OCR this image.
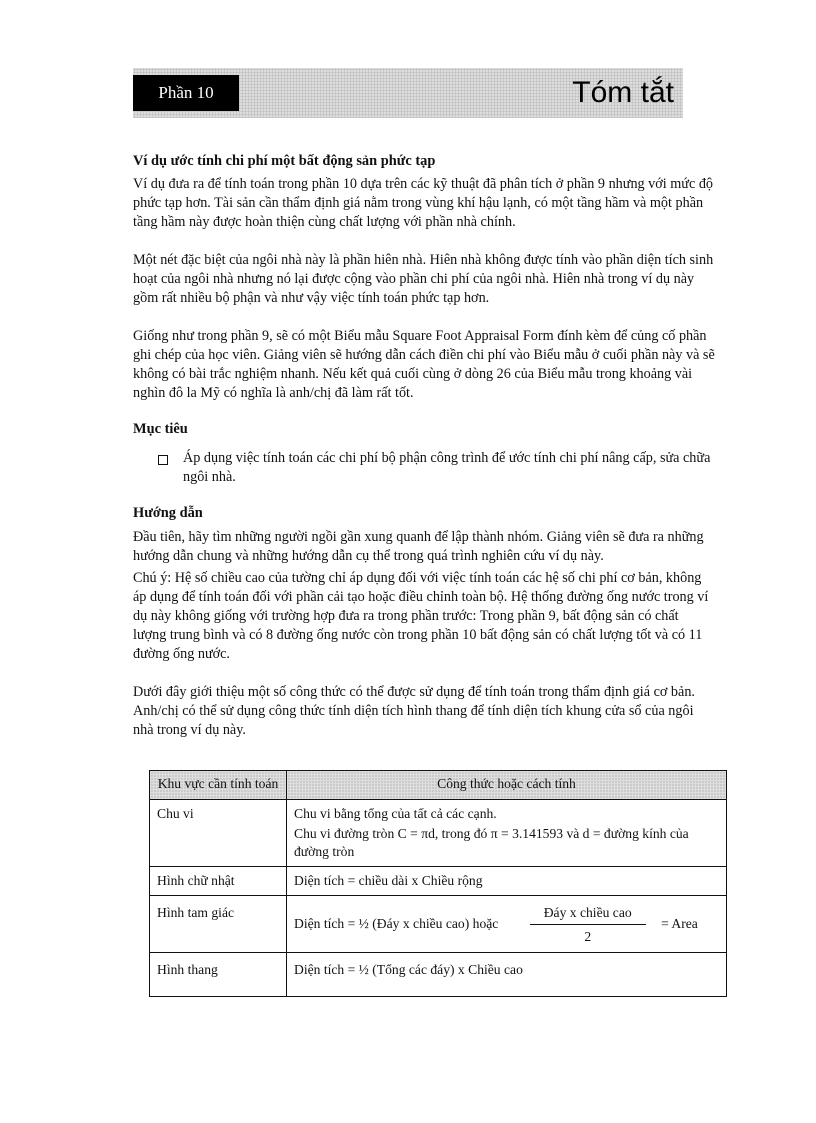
Phần 10	Tóm tắt
Ví dụ ước tính chi phí một bất động sản phức tạp

Ví dụ đưa ra để tính toán trong phần 10 dựa trên các kỹ thuật đã phân tích ở phần 9 nhưng với mức độ phức tạp hơn. Tài sản cần thẩm định giá nằm trong vùng khí hậu lạnh, có một tầng hầm và một phần tầng hầm này được hoàn thiện cùng chất lượng với phần nhà chính.

Một nét đặc biệt của ngôi nhà này là phần hiên nhà. Hiên nhà không được tính vào phần diện tích sinh hoạt của ngôi nhà nhưng nó lại được cộng vào phần chi phí của ngôi nhà. Hiên nhà trong ví dụ này gồm rất nhiều bộ phận và như vậy việc tính toán phức tạp hơn.

Giống như trong phần 9, sẽ có một Biểu mẫu Square Foot Appraisal Form đính kèm để củng cố phần ghi chép của học viên. Giảng viên sẽ hướng dẫn cách điền chi phí vào Biểu mẫu ở cuối phần này và sẽ không có bài trắc nghiệm nhanh. Nếu kết quả cuối cùng ở dòng 26 của Biểu mẫu trong khoảng vài nghìn đô la Mỹ có nghĩa là anh/chị đã làm rất tốt.

Mục tiêu
Áp dụng việc tính toán các chi phí bộ phận công trình để ước tính chi phí nâng cấp, sửa chữa ngôi nhà.
Hướng dẫn

Đầu tiên, hãy tìm những người ngồi gần xung quanh để lập thành nhóm. Giảng viên sẽ đưa ra những hướng dẫn chung và những hướng dẫn cụ thể trong quá trình nghiên cứu ví dụ này.

Chú ý: Hệ số chiều cao của tường chỉ áp dụng đối với việc tính toán các hệ số chi phí cơ bản, không áp dụng để tính toán đối với phần cải tạo hoặc điều chỉnh toàn bộ. Hệ thống đường ống nước trong ví dụ này không giống với trường hợp đưa ra trong phần trước: Trong phần 9, bất động sản có chất lượng trung bình và có 8 đường ống nước còn trong phần 10 bất động sản có chất lượng tốt và có 11 đường ống nước.

Dưới đây giới thiệu một số công thức có thể được sử dụng để tính toán trong thẩm định giá cơ bản. Anh/chị có thể sử dụng công thức tính diện tích hình thang để tính diện tích khung cửa sổ của ngôi nhà trong ví dụ này.

Khu vực cần tính toán	Công thức hoặc cách tính
Chu vi	Chu vi bằng tổng của tất cả các cạnh.
Chu vi đường tròn C = πd, trong đó π = 3.141593 và d = đường kính của đường tròn

Hình chữ nhật	Diện tích = chiều dài x Chiều rộng
Hình tam giác	Diện tích = ½ (Đáy x chiều cao) hoặc $\frac{\text{Đáy x chiều cao}}{2}$ = Area
Hình thang	Diện tích = ½ (Tổng các đáy) x Chiều cao
